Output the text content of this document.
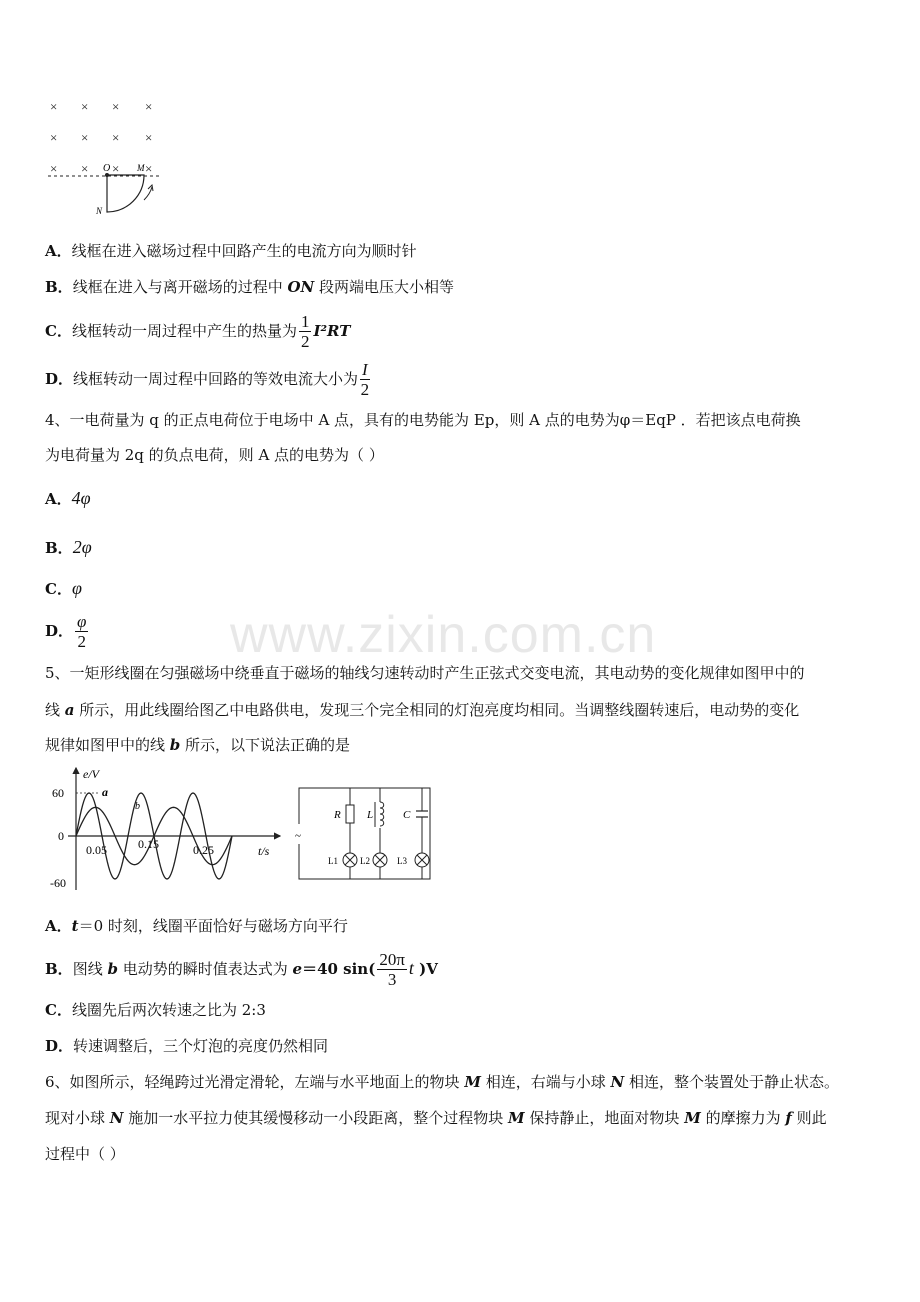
× × × ×
× × × ×
× × × ×
O	M
N
A．线框在进入磁场过程中回路产生的电流方向为顺时针
B．线框在进入与离开磁场的过程中 ON 段两端电压大小相等
C．线框转动一周过程中产生的热量为 $\frac{1}{2} I^2RT$
D．线框转动一周过程中回路的等效电流大小为 $\frac{I}{2}$
4、一电荷量为 q 的正点电荷位于电场中 A 点，具有的电势能为 Ep，则 A 点的电势为φ＝EqP ．若把该点电荷换
为电荷量为 2q 的负点电荷，则 A 点的电势为（ ）
A．4φ
B．2φ
C．φ
D． $\frac{\varphi}{2}$	www.zixin.com.cn
5、一矩形线圈在匀强磁场中绕垂直于磁场的轴线匀速转动时产生正弦式交变电流，其电动势的变化规律如图甲中的
线 a 所示，用此线圈给图乙中电路供电，发现三个完全相同的灯泡亮度均相同。当调整线圈转速后，电动势的变化
规律如图甲中的线 b 所示，以下说法正确的是
e/V
t/s
60
0
-60
0.05	0.15	0.25
a
b
~
R L	C
L1 L2	L3
A．t＝0 时刻，线圈平面恰好与磁场方向平行
B．图线 b 电动势的瞬时值表达式为 e＝40 $\sin( \frac{20\pi}{3}$ t )V
C．线圈先后两次转速之比为 2:3
D．转速调整后，三个灯泡的亮度仍然相同
6、如图所示，轻绳跨过光滑定滑轮，左端与水平地面上的物块 M 相连，右端与小球 N 相连，整个装置处于静止状态。
现对小球 N 施加一水平拉力使其缓慢移动一小段距离，整个过程物块 M 保持静止，地面对物块 M 的摩擦力为 f 则此
过程中（ ）
